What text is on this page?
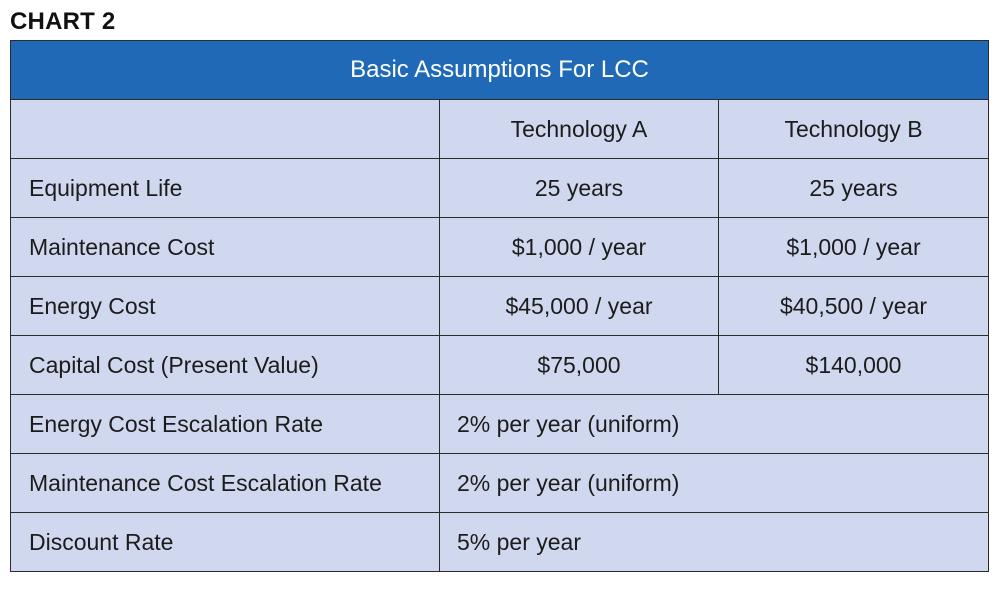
CHART 2
Basic Assumptions For LCC		
	Technology A	Technology B
Equipment Life	25 years	25 years
Maintenance Cost	$1,000 / year	$1,000 / year
Energy Cost	$45,000 / year	$40,500 / year
Capital Cost (Present Value)	$75,000	$140,000
Energy Cost Escalation Rate	2% per year (uniform)	
Maintenance Cost Escalation Rate	2% per year (uniform)	
Discount Rate	5% per year	
